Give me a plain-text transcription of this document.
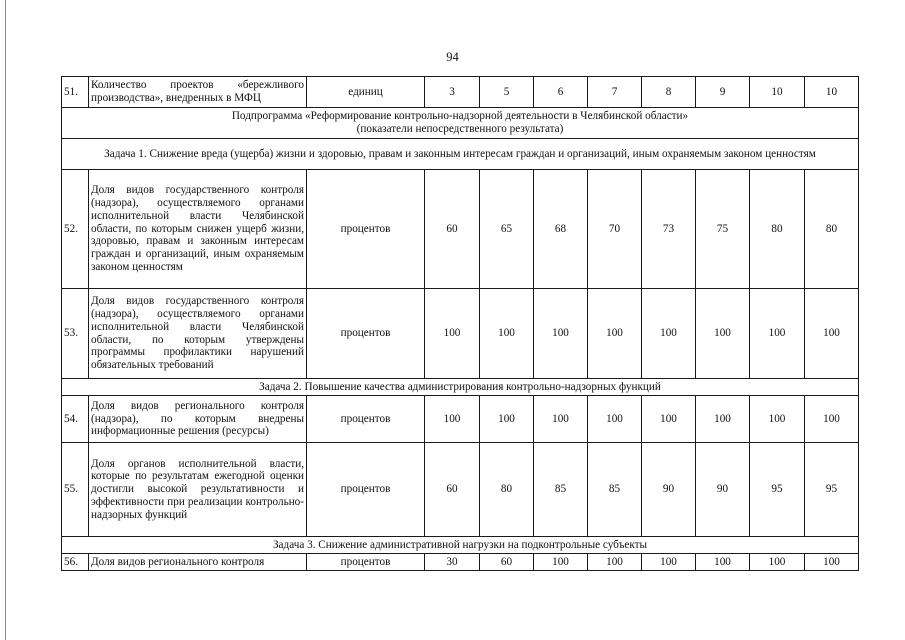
94
51.	Количество проектов «бережливого производства», внедренных в МФЦ	единиц	3	5	6	7	8	9	10	10

Подпрограмма «Реформирование контрольно-надзорной деятельности в Челябинской области»
(показатели непосредственного результата)										

Задача 1. Снижение вреда (ущерба) жизни и здоровью, правам и законным интересам граждан и организаций, иным охраняемым законом ценностям										
52.	Доля видов государственного контроля (надзора), осуществляемого органами исполнительной власти Челябинской области, по которым снижен ущерб жизни, здоровью, правам и законным интересам граждан и организаций, иным охраняемым законом ценностям	процентов	60	65	68	70	73	75	80	80
53.	Доля видов государственного контроля (надзора), осуществляемого органами исполнительной власти Челябинской области, по которым утверждены программы профилактики нарушений обязательных требований	процентов	100	100	100	100	100	100	100	100
Задача 2. Повышение качества администрирования контрольно-надзорных функций										
54.	Доля видов регионального контроля (надзора), по которым внедрены информационные решения (ресурсы)	процентов	100	100	100	100	100	100	100	100
55.	Доля органов исполнительной власти, которые по результатам ежегодной оценки достигли высокой результативности и эффективности при реализации контрольно-надзорных функций	процентов	60	80	85	85	90	90	95	95
Задача 3. Снижение административной нагрузки на подконтрольные субъекты										
56.	Доля видов регионального контроля	процентов	30	60	100	100	100	100	100	100
